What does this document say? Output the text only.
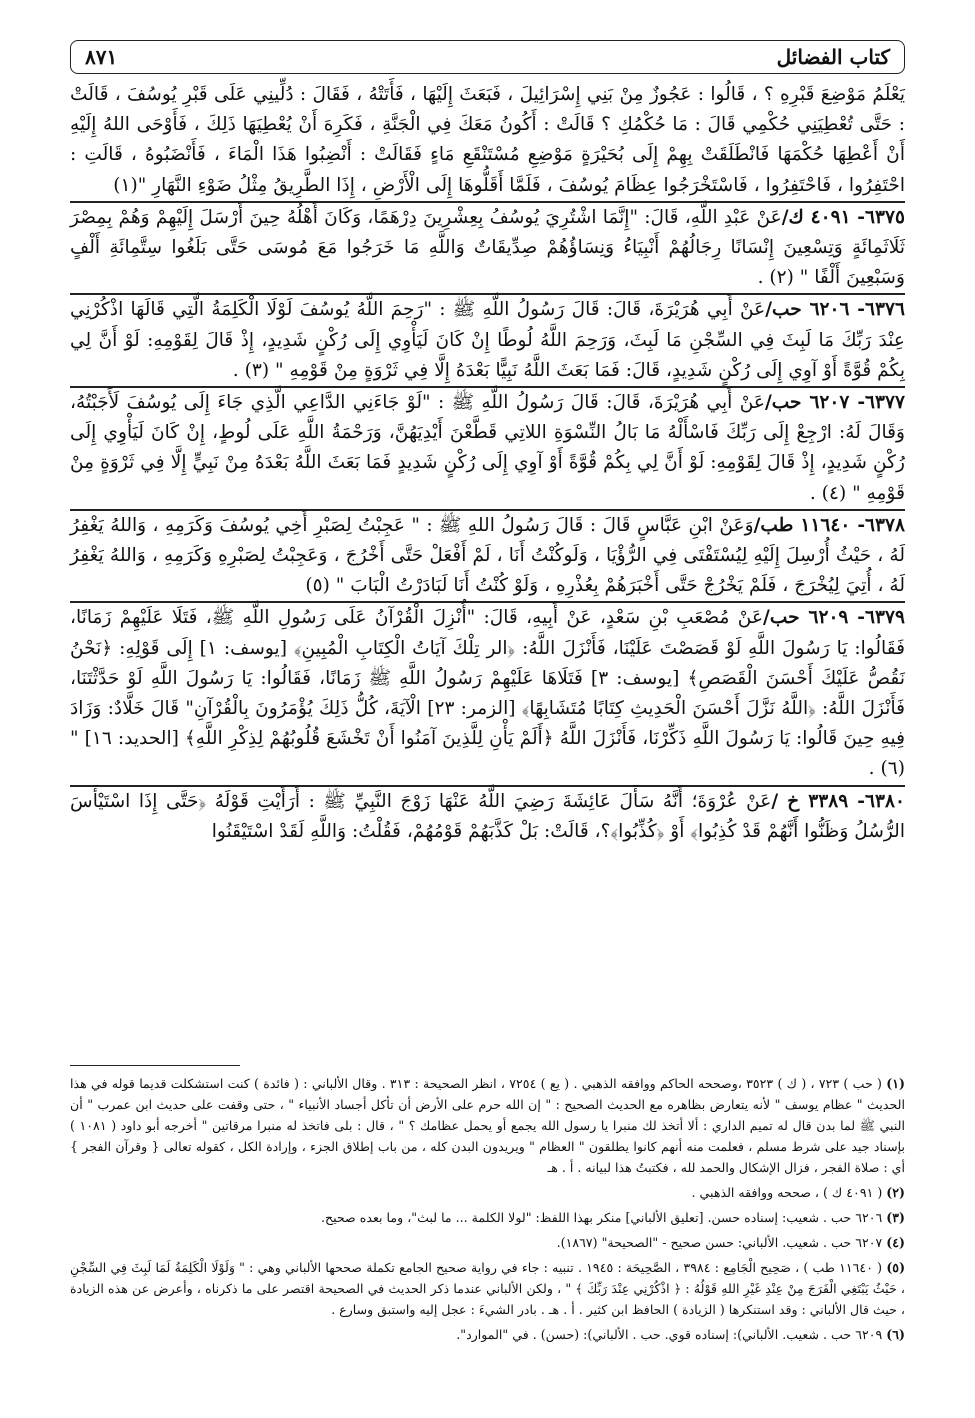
كتاب الفضائل
٨٧١

يَعْلَمُ مَوْضِعَ قَبْرِهِ ؟ ، قَالُوا : عَجُوزٌ مِنْ بَنِي إِسْرَائِيلَ ، فَبَعَثَ إِلَيْهَا ، فَأَتَتْهُ ، فَقَالَ : دُلِّينِي عَلَى قَبْرِ يُوسُفَ ، قَالَتْ : حَتَّى تُعْطِيَنِي حُكْمِي قَالَ : مَا حُكْمُكِ ؟ قَالَتْ : أَكُونُ مَعَكَ فِي الْجَنَّةِ ، فَكَرِهَ أَنْ يُعْطِيَهَا ذَلِكَ ، فَأَوْحَى اللهُ إِلَيْهِ أَنْ أَعْطِهَا حُكْمَهَا فَانْطَلَقَتْ بِهِمْ إِلَى بُحَيْرَةٍ مَوْضِعِ مُسْتَنْقَعِ مَاءٍ فَقَالَتْ : أَنْضِبُوا هَذَا الْمَاءَ ، فَأَنْضَبُوهُ ، قَالَتِ : احْتَفِرُوا ، فَاحْتَفِرُوا ، فَاسْتَخْرَجُوا عِظَامَ يُوسُفَ ، فَلَمَّا أَقَلُّوهَا إِلَى الْأَرْضِ ، إِذَا الطَّرِيقُ مِثْلُ ضَوْءِ النَّهَارِ "(١)

٦٣٧٥- ٤٠٩١ ك/عَنْ عَبْدِ اللَّهِ، قَالَ: "إِنَّمَا اشْتُرِيَ يُوسُفُ بِعِشْرِينَ دِرْهَمًا، وَكَانَ أَهْلُهُ حِينَ أَرْسَلَ إِلَيْهِمْ وَهُمْ بِمِصْرَ ثَلَاثَمِائَةٍ وَتِسْعِينَ إِنْسَانًا رِجَالُهُمْ أَنْبِيَاءُ وَنِسَاؤُهُمْ صِدِّيقَاتٌ وَاللَّهِ مَا خَرَجُوا مَعَ مُوسَى حَتَّى بَلَغُوا سِتَّمِائَةِ أَلْفٍ وَسَبْعِينَ أَلْفًا " (٢) .

٦٣٧٦- ٦٢٠٦ حب/عَنْ أَبِي هُرَيْرَةَ، قَالَ: قَالَ رَسُولُ اللَّهِ ﷺ : "رَحِمَ اللَّهُ يُوسُفَ لَوْلَا الْكَلِمَةُ الَّتِي قَالَهَا اذْكُرْنِي عِنْدَ رَبِّكَ مَا لَبِثَ فِي السِّجْنِ مَا لَبِثَ، وَرَحِمَ اللَّهُ لُوطًا إِنْ كَانَ لَيَأْوِي إِلَى رُكْنٍ شَدِيدٍ، إِذْ قَالَ لِقَوْمِهِ: لَوْ أَنَّ لِي بِكُمْ قُوَّةً أَوْ آوِي إِلَى رُكْنٍ شَدِيدٍ، قَالَ: فَمَا بَعَثَ اللَّهُ نَبِيًّا بَعْدَهُ إِلَّا فِي ثَرْوَةٍ مِنْ قَوْمِهِ " (٣) .

٦٣٧٧- ٦٢٠٧ حب/عَنْ أَبِي هُرَيْرَةَ، قَالَ: قَالَ رَسُولُ اللَّهِ ﷺ : "لَوْ جَاءَنِي الدَّاعِي الَّذِي جَاءَ إِلَى يُوسُفَ لَأَجَبْتُهُ، وَقَالَ لَهُ: ارْجِعْ إِلَى رَبِّكَ فَاسْأَلْهُ مَا بَالُ النِّسْوَةِ اللاتِي قَطَّعْنَ أَيْدِيَهُنَّ، وَرَحْمَةُ اللَّهِ عَلَى لُوطٍ، إِنْ كَانَ لَيَأْوِي إِلَى رُكْنٍ شَدِيدٍ، إِذْ قَالَ لِقَوْمِهِ: لَوْ أَنَّ لِي بِكُمْ قُوَّةً أَوْ آوِي إِلَى رُكْنٍ شَدِيدٍ فَمَا بَعَثَ اللَّهُ بَعْدَهُ مِنْ نَبِيٍّ إِلَّا فِي ثَرْوَةٍ مِنْ قَوْمِهِ " (٤) .

٦٣٧٨- ١١٦٤٠ طب/وَعَنْ ابْنِ عَبَّاسٍ قَالَ : قَالَ رَسُولُ اللهِ ﷺ : " عَجِبْتُ لِصَبْرِ أَخِي يُوسُفَ وَكَرَمِهِ ، وَاللهُ يَغْفِرُ لَهُ ، حَيْثُ أُرْسِلَ إِلَيْهِ لِيُسْتَفْتَى فِي الرُّؤْيَا ، وَلَوكُنْتُ أَنَا ، لَمْ أَفْعَلْ حَتَّى أَخْرُجَ ، وَعَجِبْتُ لِصَبْرِهِ وَكَرَمِهِ ، وَاللهُ يَغْفِرُ لَهُ ، أُتِيَ لِيُخْرَجَ ، فَلَمْ يَخْرُجْ حَتَّى أَخْبَرَهُمْ بِعُذْرِهِ ، وَلَوْ كُنْتُ أَنَا لَبَادَرْتُ الْبَابَ " (٥)

٦٣٧٩- ٦٢٠٩ حب/عَنْ مُصْعَبِ بْنِ سَعْدٍ، عَنْ أَبِيهِ، قَالَ: "أُنْزِلَ الْقُرْآنُ عَلَى رَسُولِ اللَّهِ ﷺ، فَتَلَا عَلَيْهِمْ زَمَانًا، فَقَالُوا: يَا رَسُولَ اللَّهِ لَوْ قَصَصْتَ عَلَيْنَا، فَأَنْزَلَ اللَّهُ: ﴿الر تِلْكَ آيَاتُ الْكِتَابِ الْمُبِينِ﴾ [يوسف: ١] إِلَى قَوْلِهِ: ﴿نَحْنُ نَقُصُّ عَلَيْكَ أَحْسَنَ الْقَصَصِ﴾ [يوسف: ٣] فَتَلَاهَا عَلَيْهِمْ رَسُولُ اللَّهِ ﷺ زَمَانًا، فَقَالُوا: يَا رَسُولَ اللَّهِ لَوْ حَدَّثْتَنَا، فَأَنْزَلَ اللَّهُ: ﴿اللَّهُ نَزَّلَ أَحْسَنَ الْحَدِيثِ كِتَابًا مُتَشَابِهًا﴾ [الزمر: ٢٣] الْآيَةَ، كُلُّ ذَلِكَ يُؤْمَرُونَ بِالْقُرْآنِ" قَالَ خَلَّادٌ: وَزَادَ فِيهِ حِينَ قَالُوا: يَا رَسُولَ اللَّهِ ذَكِّرْنَا، فَأَنْزَلَ اللَّهُ ﴿أَلَمْ يَأْنِ لِلَّذِينَ آمَنُوا أَنْ تَخْشَعَ قُلُوبُهُمْ لِذِكْرِ اللَّهِ﴾ [الحديد: ١٦] " (٦) .

٦٣٨٠- ٣٣٨٩ خ /عَنْ عُرْوَةَ؛ أَنَّهُ سَأَلَ عَائِشَةَ رَضِيَ اللَّهُ عَنْهَا زَوْجَ النَّبِيِّ ﷺ : أَرَأَيْتِ قَوْلَهُ ﴿حَتَّى إِذَا اسْتَيْأَسَ الرُّسُلُ وَظَنُّوا أَنَّهُمْ قَدْ كُذِبُوا﴾ أَوْ ﴿كُذِّبُوا﴾؟، قَالَتْ: بَلْ كَذَّبَهُمْ قَوْمُهُمْ، فَقُلْتُ: وَاللَّهِ لَقَدْ اسْتَيْقَنُوا

(١) ( حب ) ٧٢٣ ، ( ك ) ٣٥٢٣ ،وصححه الحاكم ووافقه الذهبي . ( يع ) ٧٢٥٤ ، انظر الصحيحة : ٣١٣ . وقال الألباني : ( فائدة ) كنت استشكلت قديما قوله في هذا الحديث " عظام يوسف " لأنه يتعارض بظاهره مع الحديث الصحيح : " إن الله حرم على الأرض أن تأكل أجساد الأنبياء " ، حتى وقفت على حديث ابن عمرب " أن النبي ﷺ لما بدن قال له تميم الداري : ألا أتخذ لك منبرا يا رسول الله يجمع أو يحمل عظامك ؟ " ، قال : بلى فاتخذ له منبرا مرقاتين " أخرجه أبو داود ( ١٠٨١ ) بإسناد جيد على شرط مسلم ، فعلمت منه أنهم كانوا يطلقون " العظام " ويريدون البدن كله ، من باب إطلاق الجزء ، وإرادة الكل ، كقوله تعالى { وقرآن الفجر } أي : صلاة الفجر ، فزال الإشكال والحمد لله ، فكتبتُ هذا لبيانه . أ . هـ

(٢) ( ٤٠٩١ ك ) ، صححه ووافقه الذهبي .

(٣) ٦٢٠٦ حب . شعيب: إسناده حسن. [تعليق الألباني] منكر بهذا اللفظ: "لولا الكلمة ... ما لبث"، وما بعده صحيح.

(٤) ٦٢٠٧ حب . شعيب. الألباني: حسن صحيح - "الصحيحة" (١٨٦٧).

(٥) ( ١١٦٤٠ طب ) ، صَحِيح الْجَامِع : ٣٩٨٤ ، الصَّحِيحَة : ١٩٤٥ . تنبيه : جاء في رواية صحيح الجامع تكملة صححها الألباني وهي : " وَلَوْلَا الْكَلِمَةُ لَمَا لَبِثَ فِي السِّجْنِ ، حَيْثُ يَبْتَغِي الْفَرَجَ مِنْ عِنْدِ غَيْرِ اللهِ قَوْلُهُ : ﴿ اذْكُرْنِي عِنْدَ رَبِّكَ ﴾ " ، ولكن الألباني عندما ذكر الحديث في الصحيحة اقتصر على ما ذكرناه ، وأعرض عن هذه الزيادة ، حيث قال الألباني : وقد استنكرها ( الزيادة ) الحافظ ابن كثير . أ . هـ . بادر الشيءَ : عجل إليه واستبق وسارع .

(٦) ٦٢٠٩ حب . شعيب. الألباني): إسناده قوي. حب . الألباني): (حسن) . في "الموارد".
